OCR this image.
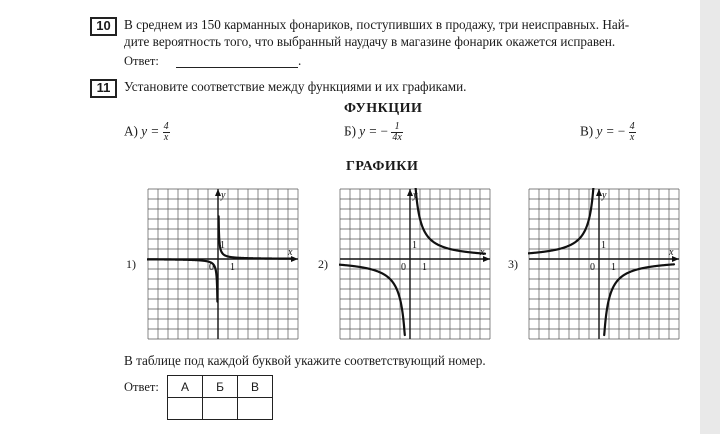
10	В среднем из 150 карманных фонариков, поступивших в продажу, три неисправных. Най-
дите вероятность того, что выбранный наудачу в магазине фонарик окажется исправен.
Ответ:	.
11	Установите соответствие между функциями и их графиками.
ФУНКЦИИ
А) $y = \frac{4}{x}$	Б) y = − $\frac{1}{4x}$	В) y = − $\frac{4}{x}$
ГРАФИКИ
1)	2)	3)
x
y
0
1
1
x
y
0
1
1
x
y
0
1
1
В таблице под каждой буквой укажите соответствующий номер.
Ответ: А	Б	В
